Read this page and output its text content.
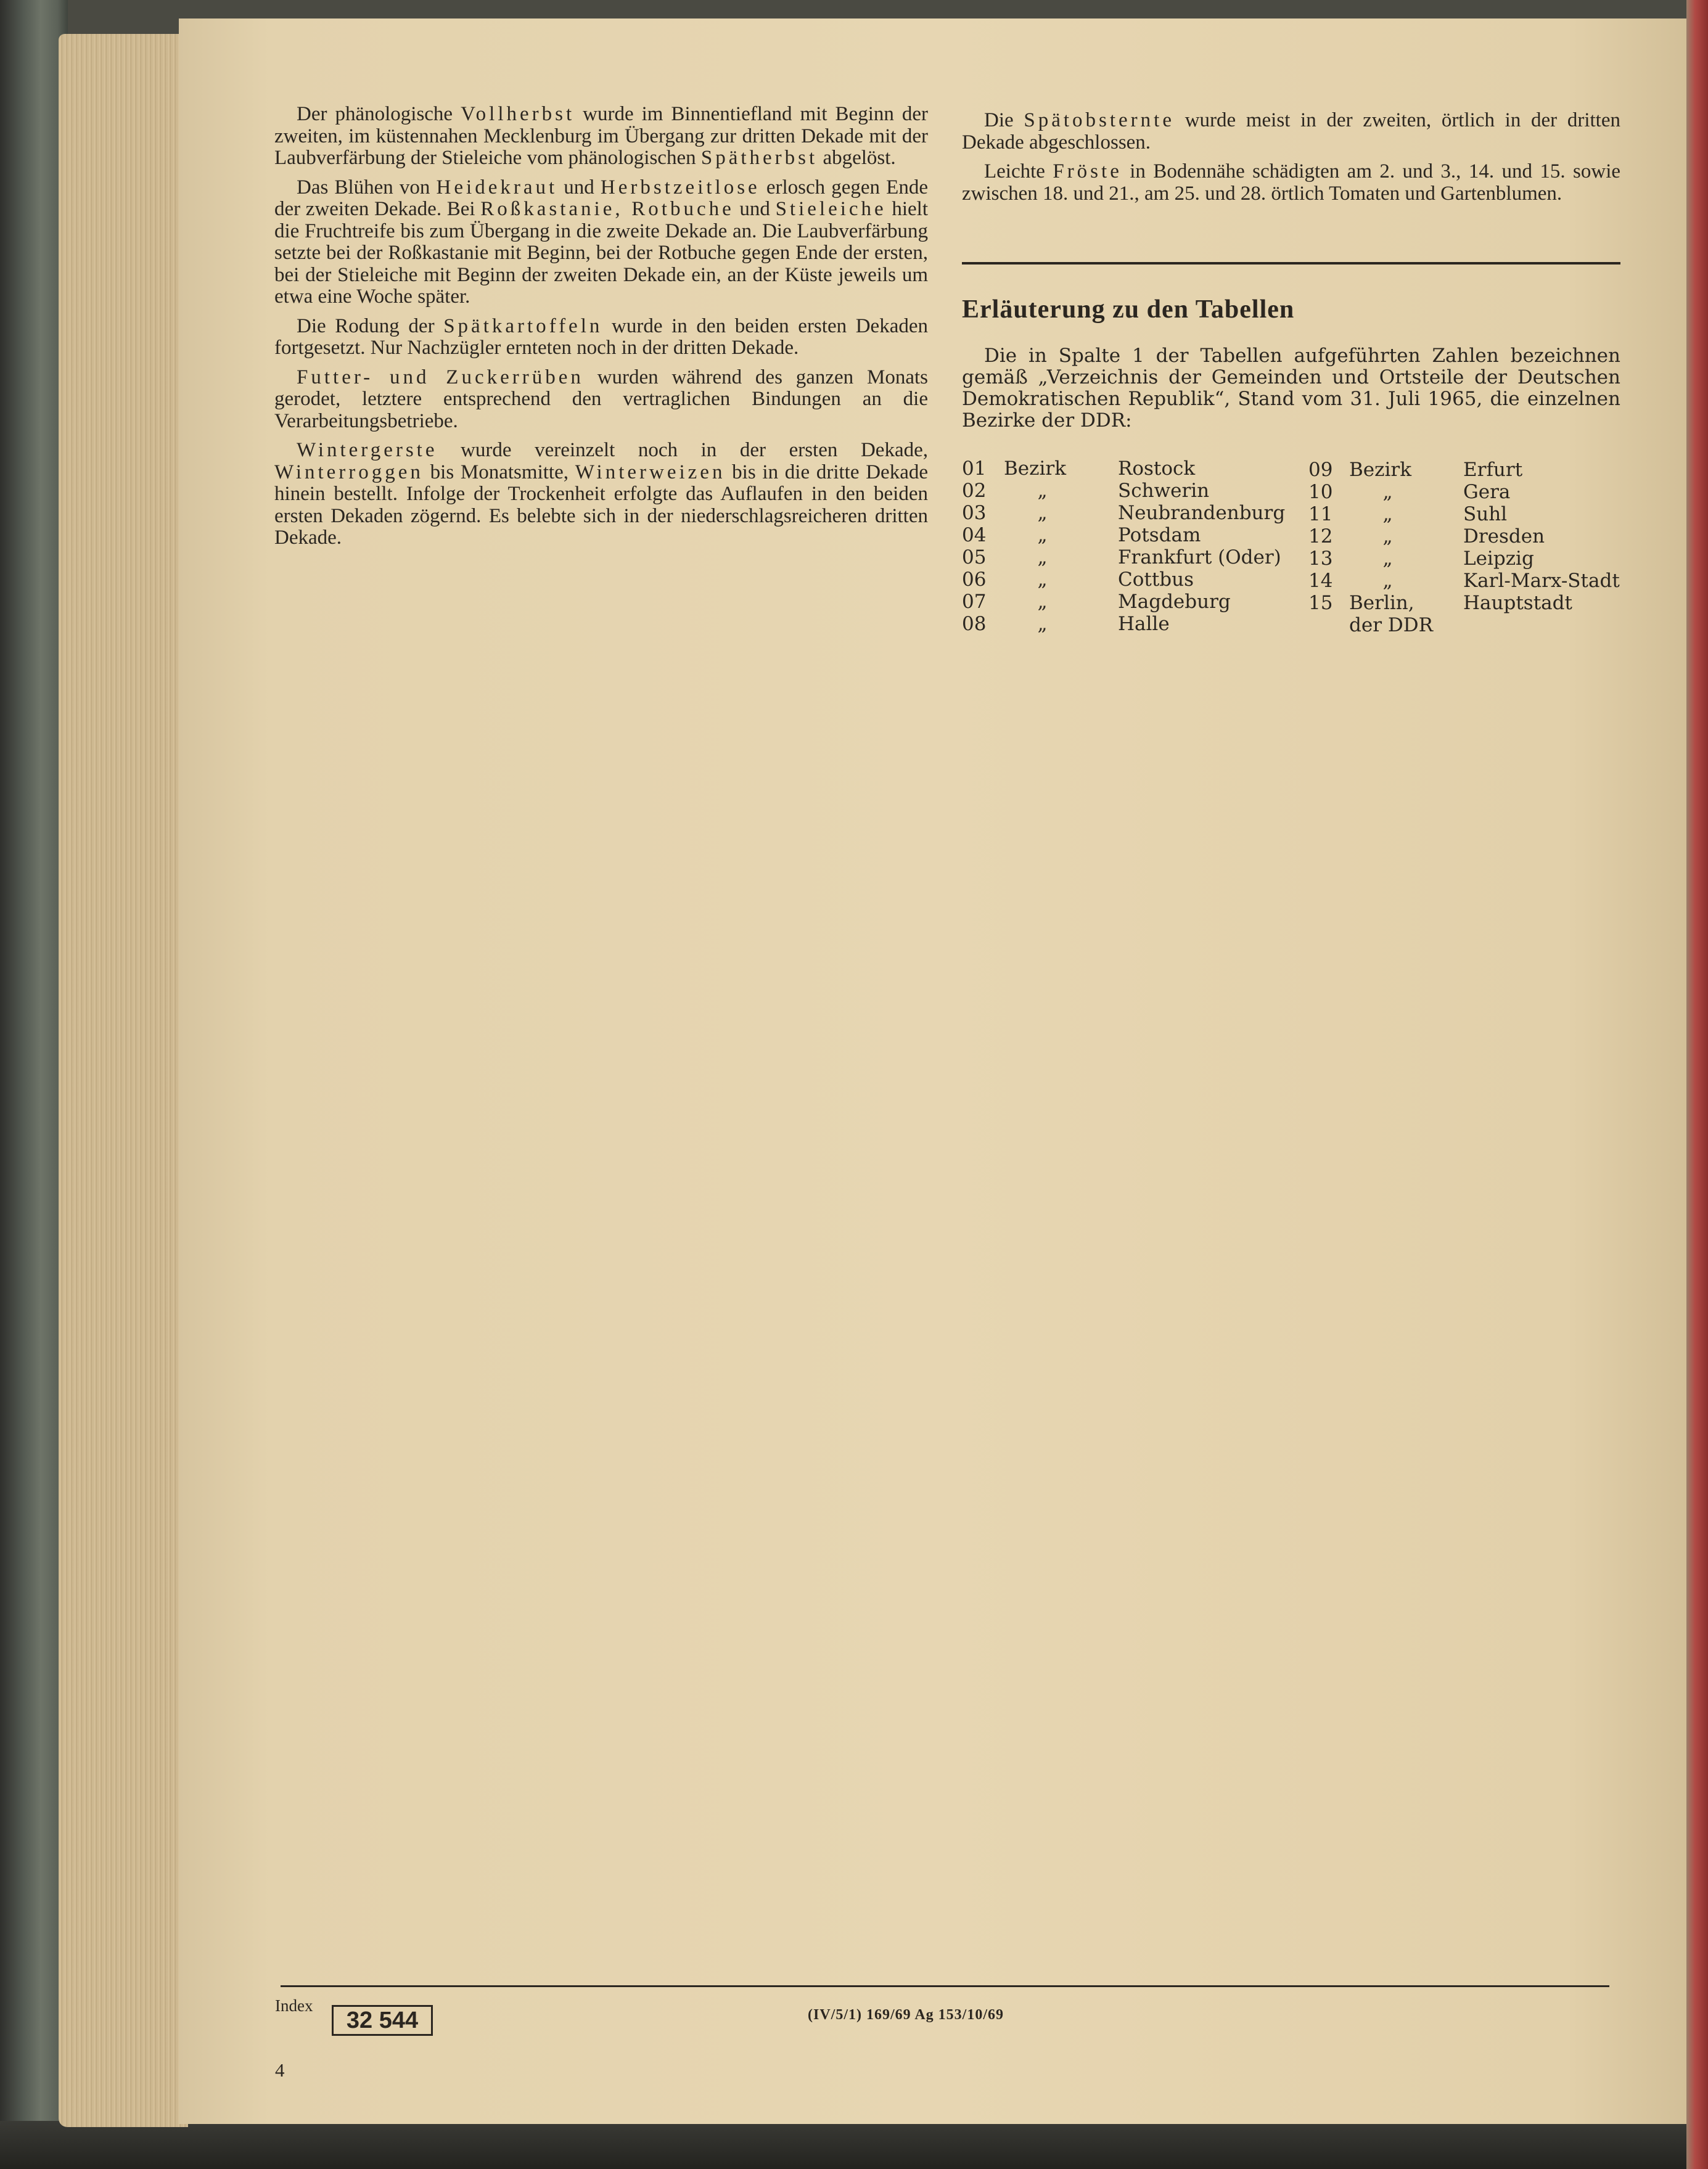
Der phänologische Vollherbst wurde im Binnentiefland mit Beginn der zweiten, im küstennahen Mecklenburg im Übergang zur dritten Dekade mit der Laubverfärbung der Stieleiche vom phänologischen Spätherbst abgelöst.

Das Blühen von Heidekraut und Herbstzeitlose erlosch gegen Ende der zweiten Dekade. Bei Roßkastanie, Rotbuche und Stieleiche hielt die Fruchtreife bis zum Übergang in die zweite Dekade an. Die Laubverfärbung setzte bei der Roßkastanie mit Beginn, bei der Rotbuche gegen Ende der ersten, bei der Stieleiche mit Beginn der zweiten Dekade ein, an der Küste jeweils um etwa eine Woche später.

Die Rodung der Spätkartoffeln wurde in den beiden ersten Dekaden fortgesetzt. Nur Nachzügler ernteten noch in der dritten Dekade.

Futter- und Zuckerrüben wurden während des ganzen Monats gerodet, letztere entsprechend den vertraglichen Bindungen an die Verarbeitungsbetriebe.

Wintergerste wurde vereinzelt noch in der ersten Dekade, Winterroggen bis Monatsmitte, Winterweizen bis in die dritte Dekade hinein bestellt. Infolge der Trockenheit erfolgte das Auflaufen in den beiden ersten Dekaden zögernd. Es belebte sich in der niederschlagsreicheren dritten Dekade.

Die Spätobsternte wurde meist in der zweiten, örtlich in der dritten Dekade abgeschlossen.

Leichte Fröste in Bodennähe schädigten am 2. und 3., 14. und 15. sowie zwischen 18. und 21., am 25. und 28. örtlich Tomaten und Gartenblumen.

Erläuterung zu den Tabellen

Die in Spalte 1 der Tabellen aufgeführten Zahlen bezeichnen gemäß „Verzeichnis der Gemeinden und Ortsteile der Deutschen Demokratischen Republik“, Stand vom 31. Juli 1965, die einzelnen Bezirke der DDR:

01	Bezirk	Rostock
02	„	Schwerin
03	„	Neubrandenburg
04	„	Potsdam
05	„	Frankfurt (Oder)
06	„	Cottbus
07	„	Magdeburg
08	„	Halle
09	Bezirk	Erfurt
10	„	Gera
11	„	Suhl
12	„	Dresden
13	„	Leipzig
14	„	Karl-Marx-Stadt
15	Berlin,	Hauptstadt
	der DDR	
Index
32 544	(IV/5/1) 169/69 Ag 153/10/69
4
